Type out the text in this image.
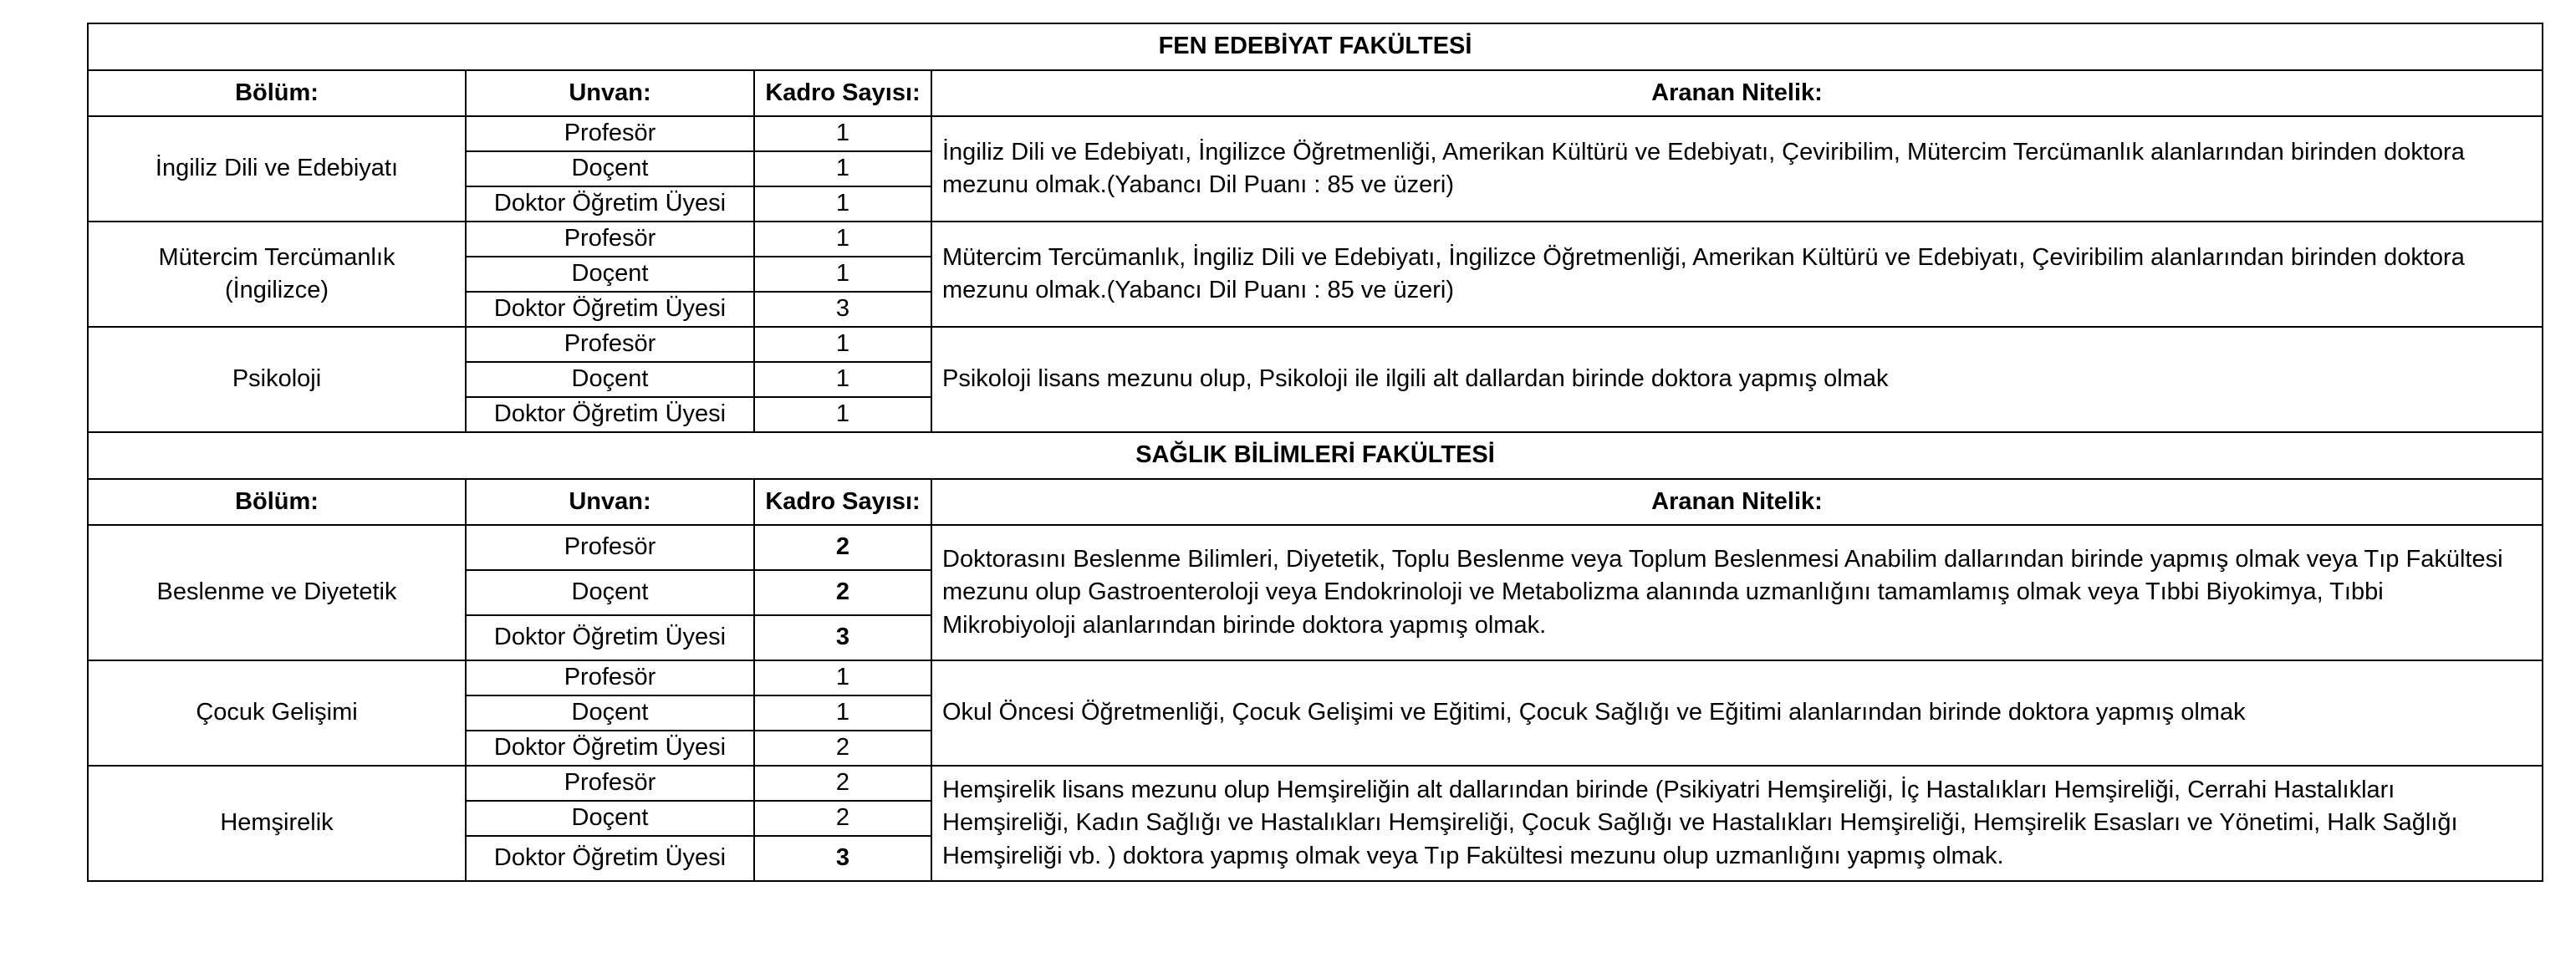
FEN EDEBİYAT FAKÜLTESİ			
Bölüm:	Unvan:	Kadro Sayısı:	Aranan Nitelik:
İngiliz Dili ve Edebiyatı	Profesör	1	İngiliz Dili ve Edebiyatı, İngilizce Öğretmenliği, Amerikan Kültürü ve Edebiyatı, Çeviribilim, Mütercim Tercümanlık alanlarından birinden doktora mezunu olmak.(Yabancı Dil Puanı : 85 ve üzeri)
	Doçent	1	
	Doktor Öğretim Üyesi	1	
Mütercim Tercümanlık
(İngilizce)	Profesör	1	Mütercim Tercümanlık, İngiliz Dili ve Edebiyatı, İngilizce Öğretmenliği, Amerikan Kültürü ve Edebiyatı, Çeviribilim alanlarından birinden doktora mezunu olmak.(Yabancı Dil Puanı : 85 ve üzeri)
	Doçent	1	
	Doktor Öğretim Üyesi	3	
Psikoloji	Profesör	1	Psikoloji lisans mezunu olup, Psikoloji ile ilgili alt dallardan birinde doktora yapmış olmak
	Doçent	1	
	Doktor Öğretim Üyesi	1	
SAĞLIK BİLİMLERİ FAKÜLTESİ			
Bölüm:	Unvan:	Kadro Sayısı:	Aranan Nitelik:
Beslenme ve Diyetetik	Profesör	2	Doktorasını Beslenme Bilimleri, Diyetetik, Toplu Beslenme veya Toplum Beslenmesi Anabilim dallarından birinde yapmış olmak veya Tıp Fakültesi mezunu olup Gastroenteroloji veya Endokrinoloji ve Metabolizma alanında uzmanlığını tamamlamış olmak veya Tıbbi Biyokimya, Tıbbi Mikrobiyoloji alanlarından birinde doktora yapmış olmak.
	Doçent	2	
	Doktor Öğretim Üyesi	3	
Çocuk Gelişimi	Profesör	1	Okul Öncesi Öğretmenliği, Çocuk Gelişimi ve Eğitimi, Çocuk Sağlığı ve Eğitimi alanlarından birinde doktora yapmış olmak
	Doçent	1	
	Doktor Öğretim Üyesi	2	
Hemşirelik	Profesör	2	Hemşirelik lisans mezunu olup Hemşireliğin alt dallarından birinde (Psikiyatri Hemşireliği, İç Hastalıkları Hemşireliği, Cerrahi Hastalıkları Hemşireliği, Kadın Sağlığı ve Hastalıkları Hemşireliği, Çocuk Sağlığı ve Hastalıkları Hemşireliği, Hemşirelik Esasları ve Yönetimi, Halk Sağlığı Hemşireliği vb. ) doktora yapmış olmak veya Tıp Fakültesi mezunu olup uzmanlığını yapmış olmak.
	Doçent	2	
	Doktor Öğretim Üyesi	3	
